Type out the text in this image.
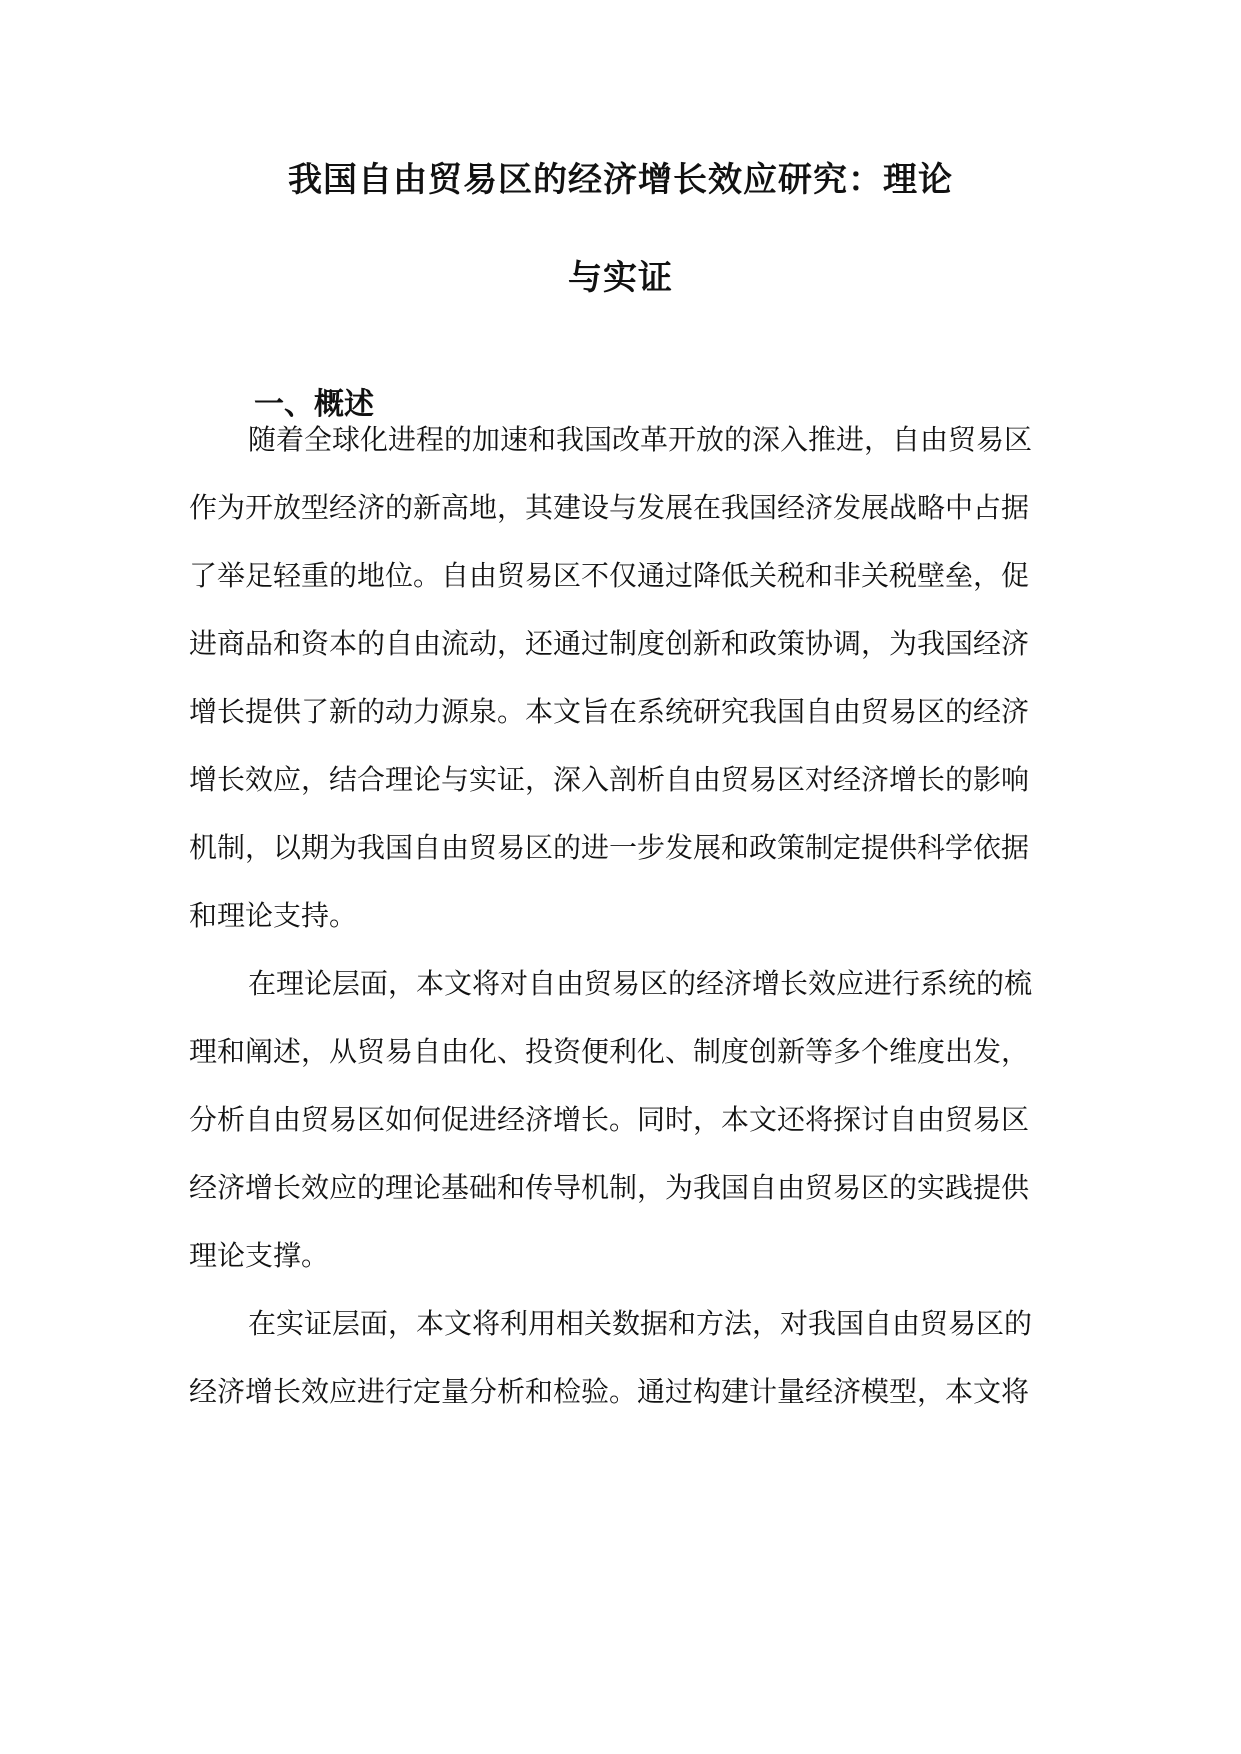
我国自由贸易区的经济增长效应研究：理论
与实证
一、概述
随着全球化进程的加速和我国改革开放的深入推进，自由贸易区
作为开放型经济的新高地，其建设与发展在我国经济发展战略中占据
了举足轻重的地位。自由贸易区不仅通过降低关税和非关税壁垒，促
进商品和资本的自由流动，还通过制度创新和政策协调，为我国经济
增长提供了新的动力源泉。本文旨在系统研究我国自由贸易区的经济
增长效应，结合理论与实证，深入剖析自由贸易区对经济增长的影响
机制，以期为我国自由贸易区的进一步发展和政策制定提供科学依据
和理论支持。
在理论层面，本文将对自由贸易区的经济增长效应进行系统的梳
理和阐述，从贸易自由化、投资便利化、制度创新等多个维度出发，
分析自由贸易区如何促进经济增长。同时，本文还将探讨自由贸易区
经济增长效应的理论基础和传导机制，为我国自由贸易区的实践提供
理论支撑。
在实证层面，本文将利用相关数据和方法，对我国自由贸易区的
经济增长效应进行定量分析和检验。通过构建计量经济模型，本文将
